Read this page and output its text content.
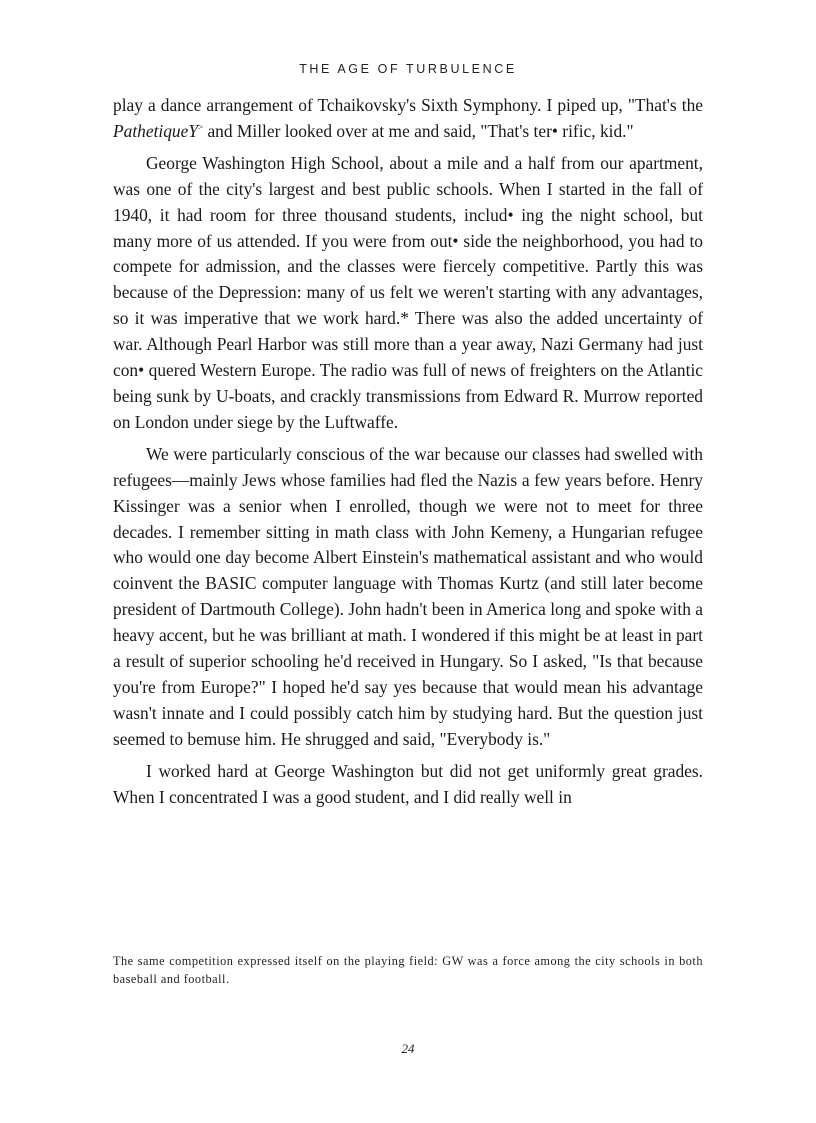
THE AGE OF TURBULENCE

play a dance arrangement of Tchaikovsky's Sixth Symphony. I piped up, "That's the PathetiqueY> and Miller looked over at me and said, "That's ter• rific, kid."

George Washington High School, about a mile and a half from our apartment, was one of the city's largest and best public schools. When I started in the fall of 1940, it had room for three thousand students, includ• ing the night school, but many more of us attended. If you were from out• side the neighborhood, you had to compete for admission, and the classes were fiercely competitive. Partly this was because of the Depression: many of us felt we weren't starting with any advantages, so it was imperative that we work hard.* There was also the added uncertainty of war. Although Pearl Harbor was still more than a year away, Nazi Germany had just con• quered Western Europe. The radio was full of news of freighters on the Atlantic being sunk by U-boats, and crackly transmissions from Edward R. Murrow reported on London under siege by the Luftwaffe.

We were particularly conscious of the war because our classes had swelled with refugees—mainly Jews whose families had fled the Nazis a few years before. Henry Kissinger was a senior when I enrolled, though we were not to meet for three decades. I remember sitting in math class with John Kemeny, a Hungarian refugee who would one day become Albert Einstein's mathematical assistant and who would coinvent the BASIC computer language with Thomas Kurtz (and still later become president of Dartmouth College). John hadn't been in America long and spoke with a heavy accent, but he was brilliant at math. I wondered if this might be at least in part a result of superior schooling he'd received in Hungary. So I asked, "Is that because you're from Europe?" I hoped he'd say yes because that would mean his advantage wasn't innate and I could possibly catch him by studying hard. But the question just seemed to bemuse him. He shrugged and said, "Everybody is."

I worked hard at George Washington but did not get uniformly great grades. When I concentrated I was a good student, and I did really well in

The same competition expressed itself on the playing field: GW was a force among the city schools in both baseball and football.
24
